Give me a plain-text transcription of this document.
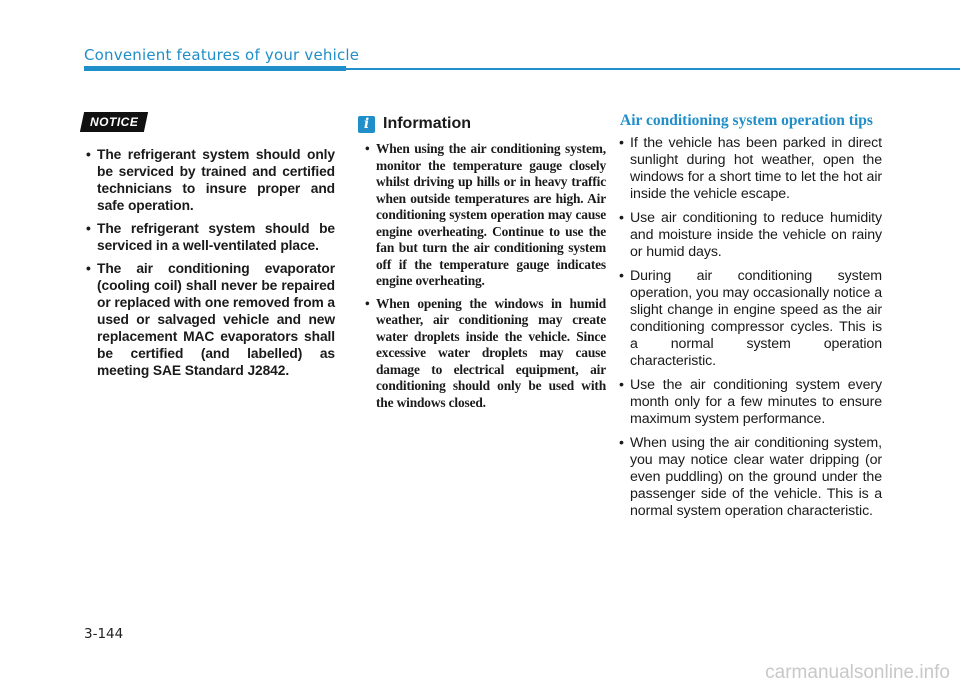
Convenient features of your vehicle
NOTICE
• The refrigerant system should only be serviced by trained and certified technicians to insure proper and safe operation.
• The refrigerant system should be serviced in a well-ventilated place.
• The air conditioning evaporator (cooling coil) shall never be repaired or replaced with one removed from a used or salvaged vehicle and new replacement MAC evaporators shall be certified (and labelled) as meeting SAE Standard J2842.
i Information
• When using the air conditioning system, monitor the temperature gauge closely whilst driving up hills or in heavy traffic when outside temperatures are high. Air conditioning system operation may cause engine overheating. Continue to use the fan but turn the air conditioning system off if the temperature gauge indicates engine overheating.
• When opening the windows in humid weather, air conditioning may create water droplets inside the vehicle. Since excessive water droplets may cause damage to electrical equipment, air conditioning should only be used with the windows closed.
Air conditioning system operation tips
• If the vehicle has been parked in direct sunlight during hot weather, open the windows for a short time to let the hot air inside the vehicle escape.
• Use air conditioning to reduce humidity and moisture inside the vehicle on rainy or humid days.
• During air conditioning system operation, you may occasionally notice a slight change in engine speed as the air conditioning compressor cycles. This is a normal system operation characteristic.
• Use the air conditioning system every month only for a few minutes to ensure maximum system performance.
• When using the air conditioning system, you may notice clear water dripping (or even puddling) on the ground under the passenger side of the vehicle. This is a normal system operation characteristic.
3-144
carmanualsonline.info
